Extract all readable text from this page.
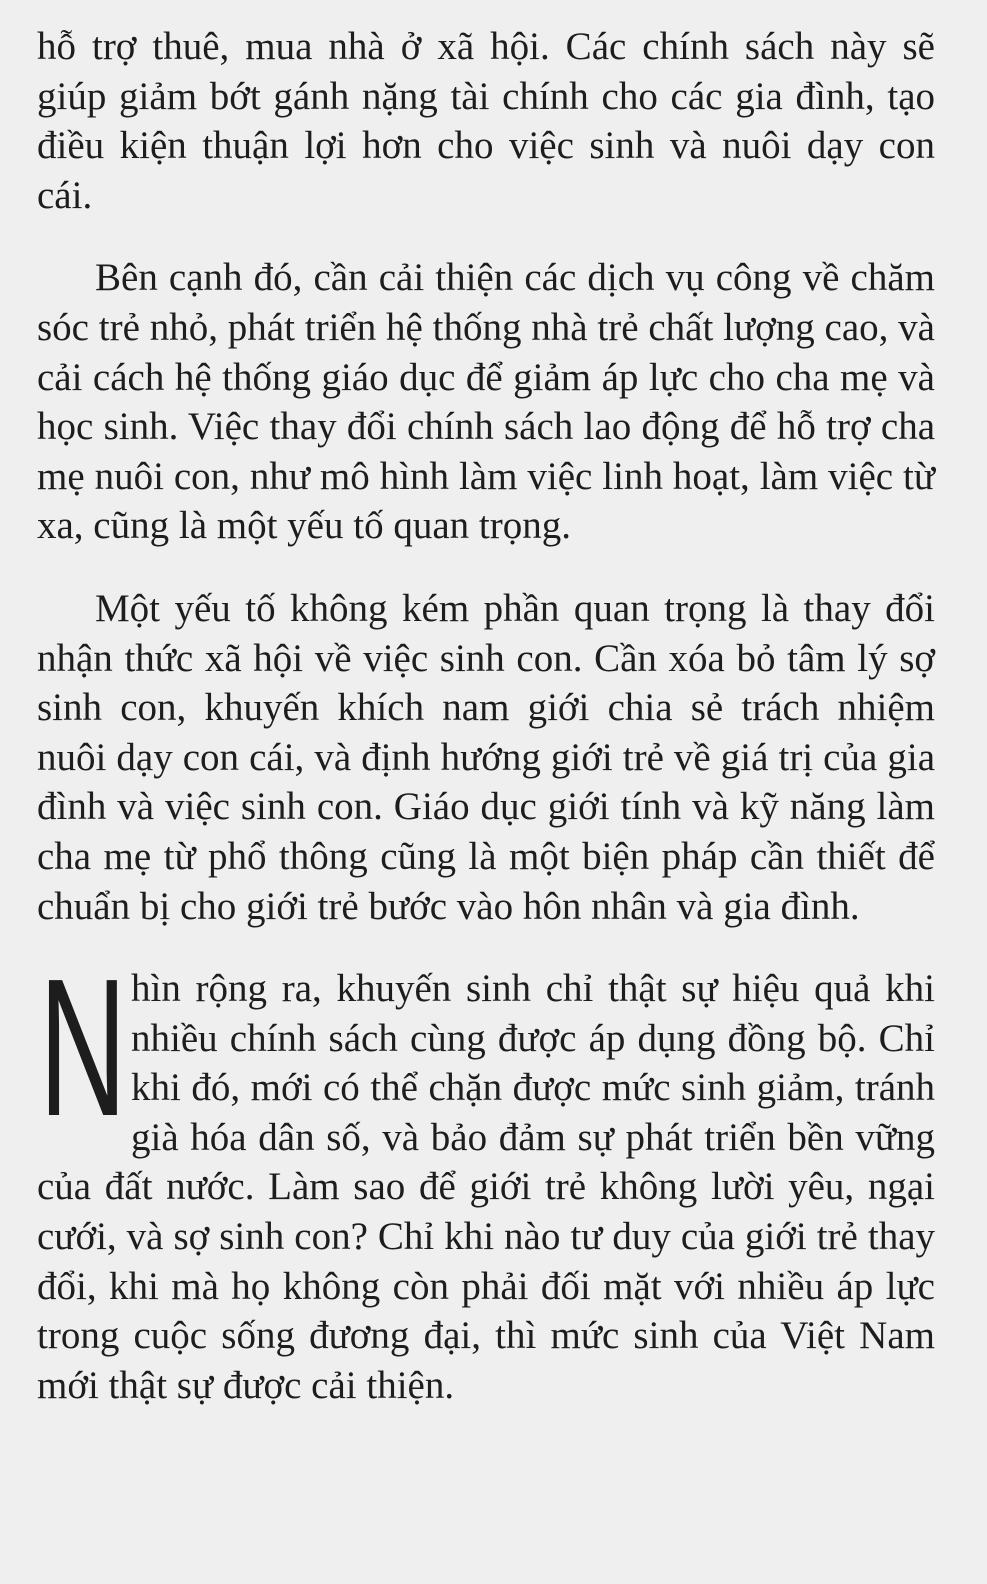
hỗ trợ thuê, mua nhà ở xã hội. Các chính sách này sẽ giúp giảm bớt gánh nặng tài chính cho các gia đình, tạo điều kiện thuận lợi hơn cho việc sinh và nuôi dạy con cái.

Bên cạnh đó, cần cải thiện các dịch vụ công về chăm sóc trẻ nhỏ, phát triển hệ thống nhà trẻ chất lượng cao, và cải cách hệ thống giáo dục để giảm áp lực cho cha mẹ và học sinh. Việc thay đổi chính sách lao động để hỗ trợ cha mẹ nuôi con, như mô hình làm việc linh hoạt, làm việc từ xa, cũng là một yếu tố quan trọng.

Một yếu tố không kém phần quan trọng là thay đổi nhận thức xã hội về việc sinh con. Cần xóa bỏ tâm lý sợ sinh con, khuyến khích nam giới chia sẻ trách nhiệm nuôi dạy con cái, và định hướng giới trẻ về giá trị của gia đình và việc sinh con. Giáo dục giới tính và kỹ năng làm cha mẹ từ phổ thông cũng là một biện pháp cần thiết để chuẩn bị cho giới trẻ bước vào hôn nhân và gia đình.

Nhìn rộng ra, khuyến sinh chỉ thật sự hiệu quả khi nhiều chính sách cùng được áp dụng đồng bộ. Chỉ khi đó, mới có thể chặn được mức sinh giảm, tránh già hóa dân số, và bảo đảm sự phát triển bền vững của đất nước. Làm sao để giới trẻ không lười yêu, ngại cưới, và sợ sinh con? Chỉ khi nào tư duy của giới trẻ thay đổi, khi mà họ không còn phải đối mặt với nhiều áp lực trong cuộc sống đương đại, thì mức sinh của Việt Nam mới thật sự được cải thiện.
